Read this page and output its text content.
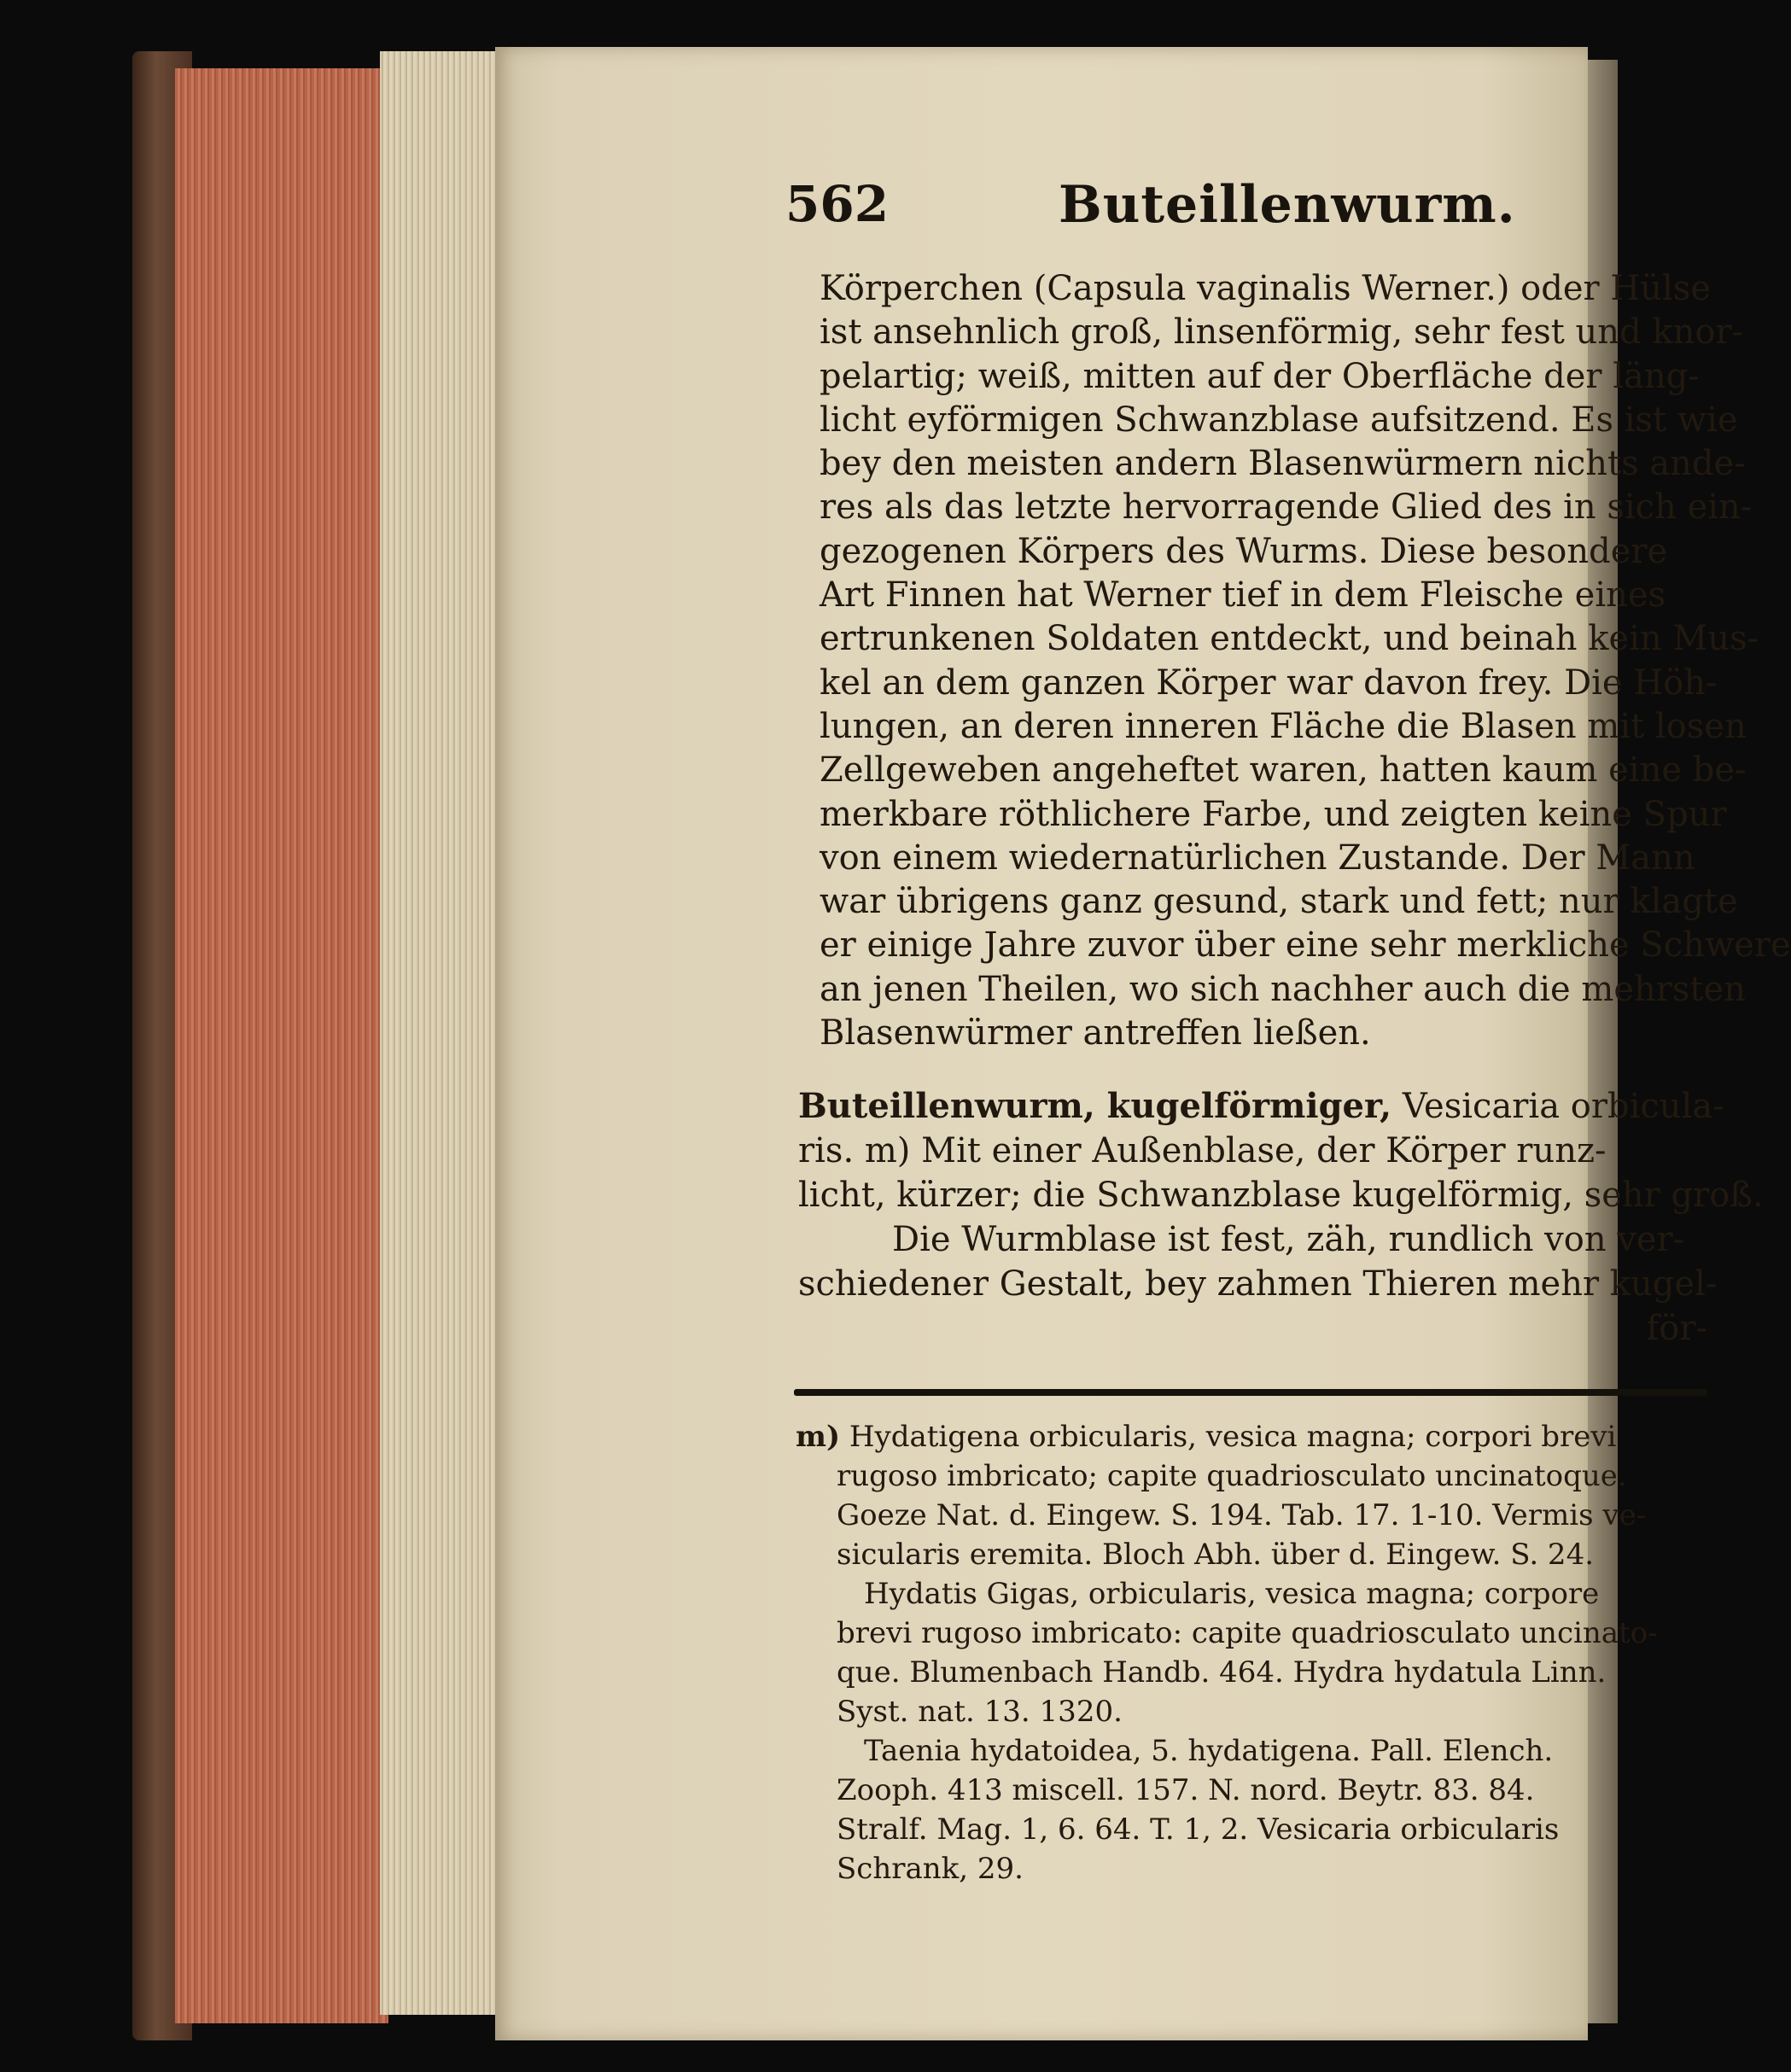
562	Buteillenwurm.
Körperchen (Capsula vaginalis Werner.) oder Hülse
ist ansehnlich groß, linsenförmig, sehr fest und knor-
pelartig; weiß, mitten auf der Oberfläche der läng-
licht eyförmigen Schwanzblase aufsitzend. Es ist wie
bey den meisten andern Blasenwürmern nichts ande-
res als das letzte hervorragende Glied des in sich ein-
gezogenen Körpers des Wurms. Diese besondere
Art Finnen hat Werner tief in dem Fleische eines
ertrunkenen Soldaten entdeckt, und beinah kein Mus-
kel an dem ganzen Körper war davon frey. Die Höh-
lungen, an deren inneren Fläche die Blasen mit losen
Zellgeweben angeheftet waren, hatten kaum eine be-
merkbare röthlichere Farbe, und zeigten keine Spur
von einem wiedernatürlichen Zustande. Der Mann
war übrigens ganz gesund, stark und fett; nur klagte
er einige Jahre zuvor über eine sehr merkliche Schwere
an jenen Theilen, wo sich nachher auch die mehrsten
Blasenwürmer antreffen ließen.
Buteillenwurm, kugelförmiger, Vesicaria orbicula-
ris. m) Mit einer Außenblase, der Körper runz-
licht, kürzer; die Schwanzblase kugelförmig, sehr groß.
Die Wurmblase ist fest, zäh, rundlich von ver-
schiedener Gestalt, bey zahmen Thieren mehr kugel-
för-
m) Hydatigena orbicularis, vesica magna; corpori brevi
rugoso imbricato; capite quadriosculato uncinatoque.
Goeze Nat. d. Eingew. S. 194. Tab. 17. 1-10. Vermis ve-
sicularis eremita. Bloch Abh. über d. Eingew. S. 24.
Hydatis Gigas, orbicularis, vesica magna; corpore
brevi rugoso imbricato: capite quadriosculato uncinato-
que. Blumenbach Handb. 464. Hydra hydatula Linn.
Syst. nat. 13. 1320.
Taenia hydatoidea, 5. hydatigena. Pall. Elench.
Zooph. 413 miscell. 157. N. nord. Beytr. 83. 84.
Stralf. Mag. 1, 6. 64. T. 1, 2. Vesicaria orbicularis
Schrank, 29.
